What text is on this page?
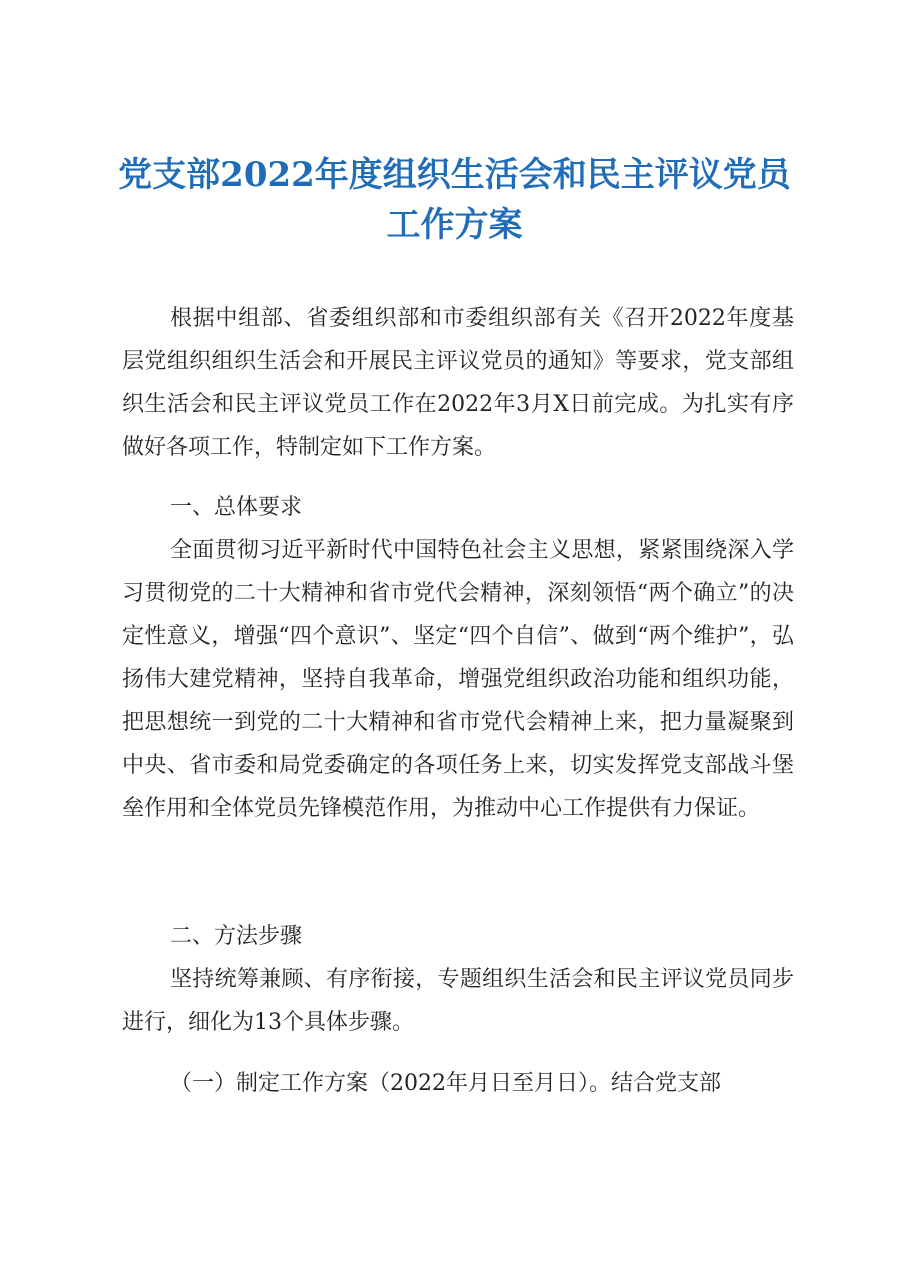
党支部2022年度组织生活会和民主评议党员
工作方案

根据中组部、省委组织部和市委组织部有关《召开2022年度基层党组织组织生活会和开展民主评议党员的通知》等要求，党支部组织生活会和民主评议党员工作在2022年3月X日前完成。为扎实有序做好各项工作，特制定如下工作方案。

一、总体要求

全面贯彻习近平新时代中国特色社会主义思想，紧紧围绕深入学习贯彻党的二十大精神和省市党代会精神，深刻领悟“两个确立”的决定性意义，增强“四个意识”、坚定“四个自信”、做到“两个维护”，弘扬伟大建党精神，坚持自我革命，增强党组织政治功能和组织功能，把思想统一到党的二十大精神和省市党代会精神上来，把力量凝聚到中央、省市委和局党委确定的各项任务上来，切实发挥党支部战斗堡垒作用和全体党员先锋模范作用，为推动中心工作提供有力保证。

二、方法步骤

坚持统筹兼顾、有序衔接，专题组织生活会和民主评议党员同步进行，细化为13个具体步骤。

（一）制定工作方案（2022年月日至月日）。结合党支部
